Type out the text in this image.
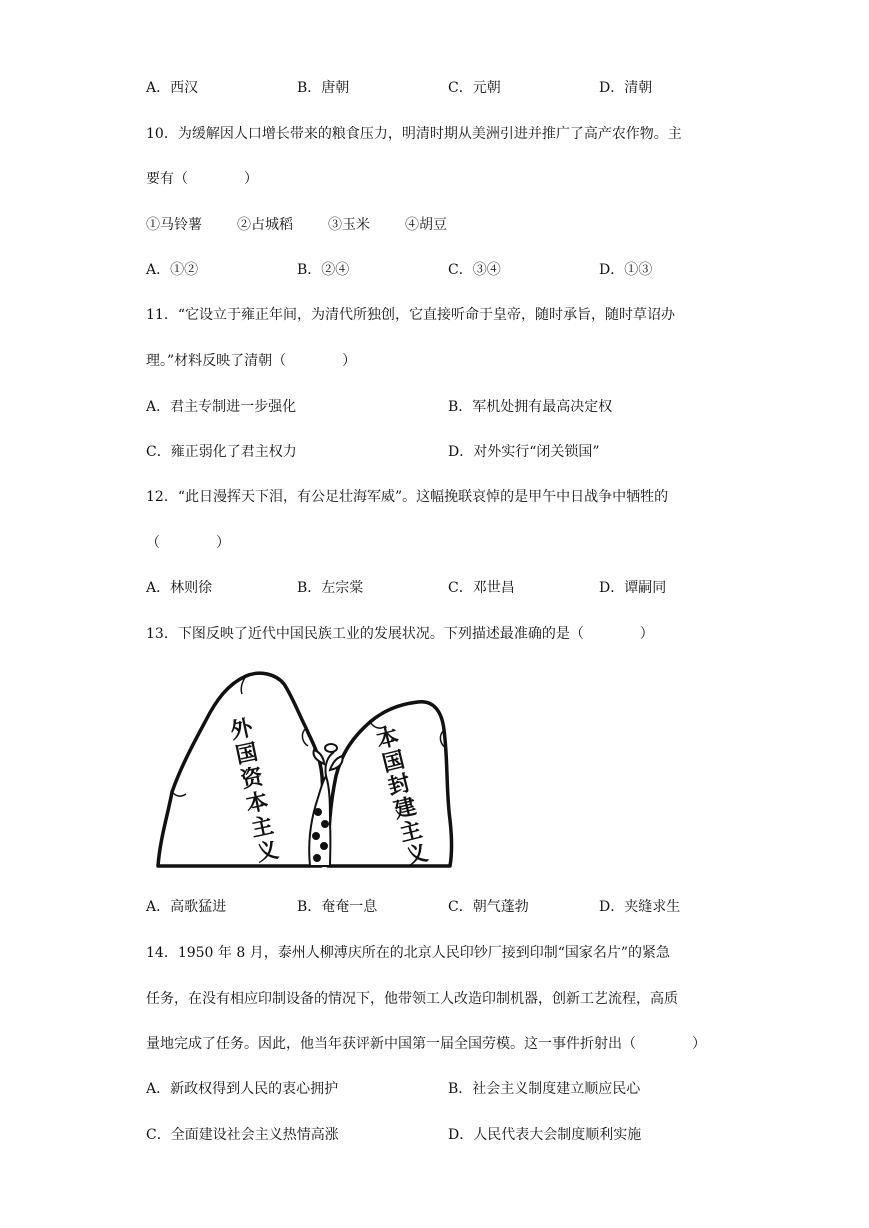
A．西汉	B．唐朝	C．元朝	D．清朝
10．为缓解因人口增长带来的粮食压力，明清时期从美洲引进并推广了高产农作物。主
要有（　　　　）
①马铃薯	②占城稻	③玉米	④胡豆
A．①②	B．②④	C．③④	D．①③
11．“它设立于雍正年间，为清代所独创，它直接听命于皇帝，随时承旨，随时草诏办
理。”材料反映了清朝（　　　　）
A．君主专制进一步强化	B．军机处拥有最高决定权
C．雍正弱化了君主权力	D．对外实行“闭关锁国”
12．“此日漫挥天下泪，有公足壮海军威”。这幅挽联哀悼的是甲午中日战争中牺牲的
（　　　　）
A．林则徐	B．左宗棠	C．邓世昌	D．谭嗣同
13．下图反映了近代中国民族工业的发展状况。下列描述最准确的是（　　　　）
外
国
资
本
主
义
本
国
封
建
主
义
A．高歌猛进	B．奄奄一息	C．朝气蓬勃	D．夹缝求生
14．1950 年 8 月，泰州人柳溥庆所在的北京人民印钞厂接到印制“国家名片”的紧急
任务，在没有相应印制设备的情况下，他带领工人改造印制机器，创新工艺流程，高质
量地完成了任务。因此，他当年获评新中国第一届全国劳模。这一事件折射出（　　　　）
A．新政权得到人民的衷心拥护	B．社会主义制度建立顺应民心
C．全面建设社会主义热情高涨	D．人民代表大会制度顺利实施
